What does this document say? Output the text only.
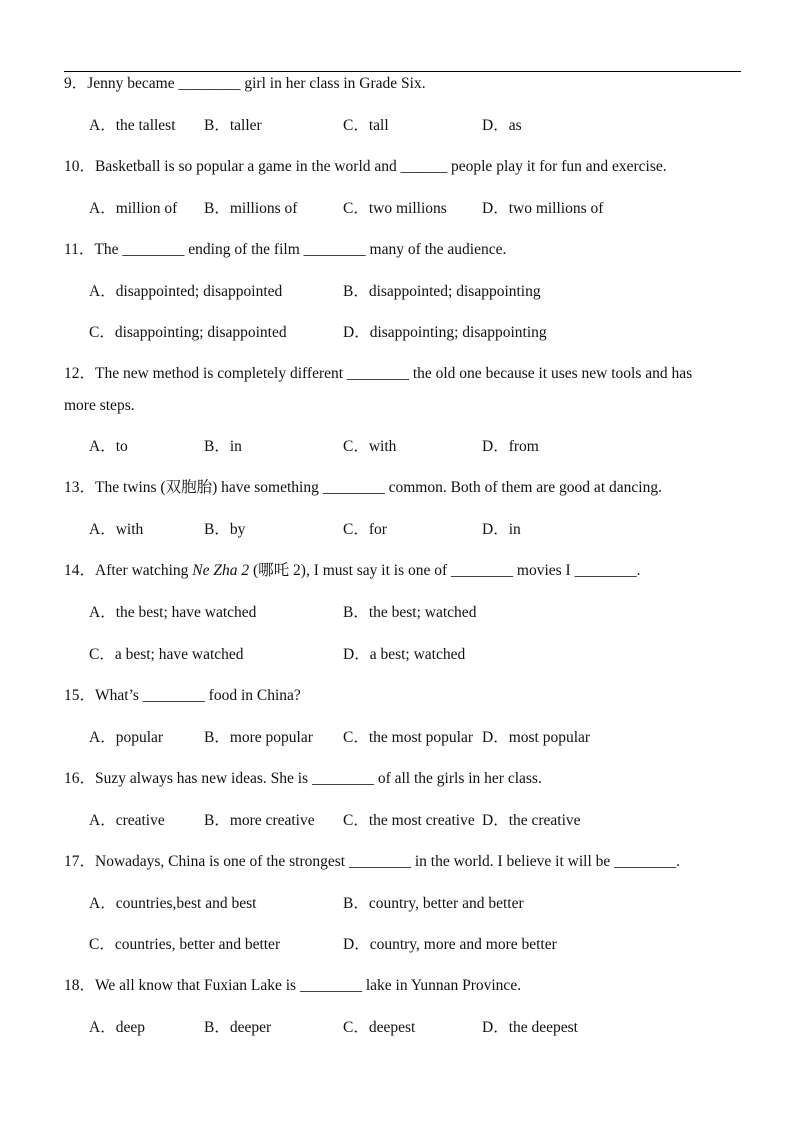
9．Jenny became ________ girl in her class in Grade Six.
A．the tallest B．taller	C．tall	D．as
10．Basketball is so popular a game in the world and ______ people play it for fun and exercise.
A．million of B．millions of	C．two millions D．two millions of
11．The ________ ending of the film ________ many of the audience.
A．disappointed; disappointed	B．disappointed; disappointing
C．disappointing; disappointed	D．disappointing; disappointing
12．The new method is completely different ________ the old one because it uses new tools and has more steps.
A．to	B．in	C．with	D．from
13．The twins (双胞胎) have something ________ common. Both of them are good at dancing.
A．with	B．by	C．for	D．in
14．After watching Ne Zha 2 (哪吒 2), I must say it is one of ________ movies I ________.
A．the best; have watched	B．the best; watched
C．a best; have watched	D．a best; watched
15．What’s ________ food in China?
A．popular	B．more popular C．the most popular D．most popular
16．Suzy always has new ideas. She is ________ of all the girls in her class.
A．creative	B．more creative C．the most creative D．the creative
17．Nowadays, China is one of the strongest ________ in the world. I believe it will be ________.
A．countries,best and best	B．country, better and better
C．countries, better and better	D．country, more and more better
18．We all know that Fuxian Lake is ________ lake in Yunnan Province.
A．deep	B．deeper	C．deepest	D．the deepest
